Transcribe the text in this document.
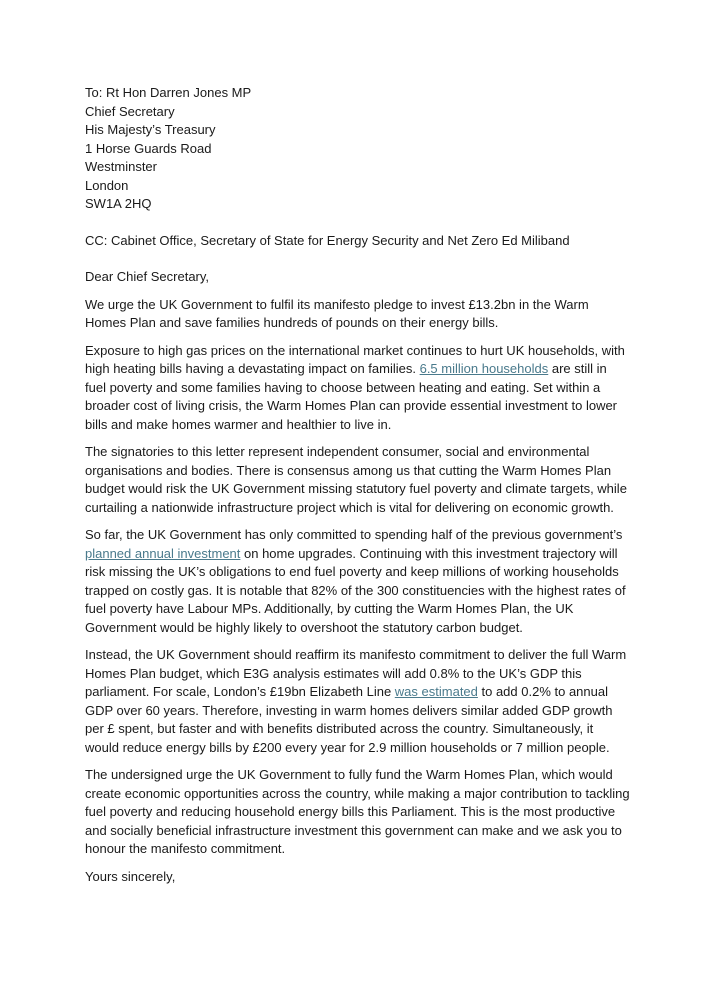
To: Rt Hon Darren Jones MP
Chief Secretary
His Majesty’s Treasury
1 Horse Guards Road
Westminster
London
SW1A 2HQ
CC: Cabinet Office, Secretary of State for Energy Security and Net Zero Ed Miliband
Dear Chief Secretary,

We urge the UK Government to fulfil its manifesto pledge to invest £13.2bn in the Warm Homes Plan and save families hundreds of pounds on their energy bills.

Exposure to high gas prices on the international market continues to hurt UK households, with high heating bills having a devastating impact on families. 6.5 million households are still in fuel poverty and some families having to choose between heating and eating. Set within a broader cost of living crisis, the Warm Homes Plan can provide essential investment to lower bills and make homes warmer and healthier to live in.

The signatories to this letter represent independent consumer, social and environmental organisations and bodies. There is consensus among us that cutting the Warm Homes Plan budget would risk the UK Government missing statutory fuel poverty and climate targets, while curtailing a nationwide infrastructure project which is vital for delivering on economic growth.

So far, the UK Government has only committed to spending half of the previous government’s planned annual investment on home upgrades. Continuing with this investment trajectory will risk missing the UK’s obligations to end fuel poverty and keep millions of working households trapped on costly gas. It is notable that 82% of the 300 constituencies with the highest rates of fuel poverty have Labour MPs. Additionally, by cutting the Warm Homes Plan, the UK Government would be highly likely to overshoot the statutory carbon budget.

Instead, the UK Government should reaffirm its manifesto commitment to deliver the full Warm Homes Plan budget, which E3G analysis estimates will add 0.8% to the UK’s GDP this parliament. For scale, London’s £19bn Elizabeth Line was estimated to add 0.2% to annual GDP over 60 years. Therefore, investing in warm homes delivers similar added GDP growth per £ spent, but faster and with benefits distributed across the country. Simultaneously, it would reduce energy bills by £200 every year for 2.9 million households or 7 million people.

The undersigned urge the UK Government to fully fund the Warm Homes Plan, which would create economic opportunities across the country, while making a major contribution to tackling fuel poverty and reducing household energy bills this Parliament. This is the most productive and socially beneficial infrastructure investment this government can make and we ask you to honour the manifesto commitment.

Yours sincerely,
